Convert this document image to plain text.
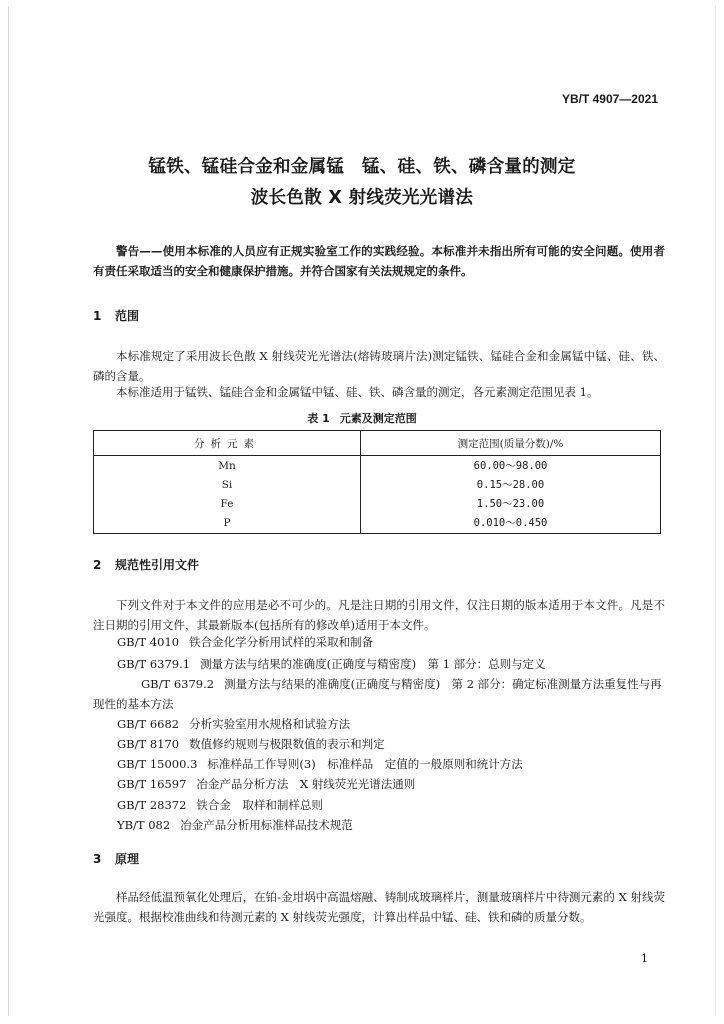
YB/T 4907—2021
锰铁、锰硅合金和金属锰　锰、硅、铁、磷含量的测定
波长色散 X 射线荧光光谱法
警告——使用本标准的人员应有正规实验室工作的实践经验。本标准并未指出所有可能的安全问题。使用者有责任采取适当的安全和健康保护措施。并符合国家有关法规规定的条件。
1 范围
本标准规定了采用波长色散 X 射线荧光光谱法(熔铸玻璃片法)测定锰铁、锰硅合金和金属锰中锰、硅、铁、磷的含量。
本标准适用于锰铁、锰硅合金和金属锰中锰、硅、铁、磷含量的测定，各元素测定范围见表 1。
表 1 元素及测定范围
分析元素	测定范围(质量分数)/%
Mn	60.00～98.00
Si	0.15～28.00
Fe	1.50～23.00
P	0.010～0.450
2 规范性引用文件
下列文件对于本文件的应用是必不可少的。凡是注日期的引用文件，仅注日期的版本适用于本文件。凡是不注日期的引用文件，其最新版本(包括所有的修改单)适用于本文件。
GB/T 4010 铁合金化学分析用试样的采取和制备
GB/T 6379.1 测量方法与结果的准确度(正确度与精密度)　第 1 部分：总则与定义
GB/T 6379.2 测量方法与结果的准确度(正确度与精密度)　第 2 部分：确定标准测量方法重复性与再现性的基本方法
GB/T 6682 分析实验室用水规格和试验方法
GB/T 8170 数值修约规则与极限数值的表示和判定
GB/T 15000.3 标准样品工作导则(3)　标准样品　定值的一般原则和统计方法
GB/T 16597 冶金产品分析方法　X 射线荧光光谱法通则
GB/T 28372 铁合金　取样和制样总则
YB/T 082 冶金产品分析用标准样品技术规范
3 原理
样品经低温预氧化处理后，在铂-金坩埚中高温熔融、铸制成玻璃样片，测量玻璃样片中待测元素的 X 射线荧光强度。根据校准曲线和待测元素的 X 射线荧光强度，计算出样品中锰、硅、铁和磷的质量分数。
1
